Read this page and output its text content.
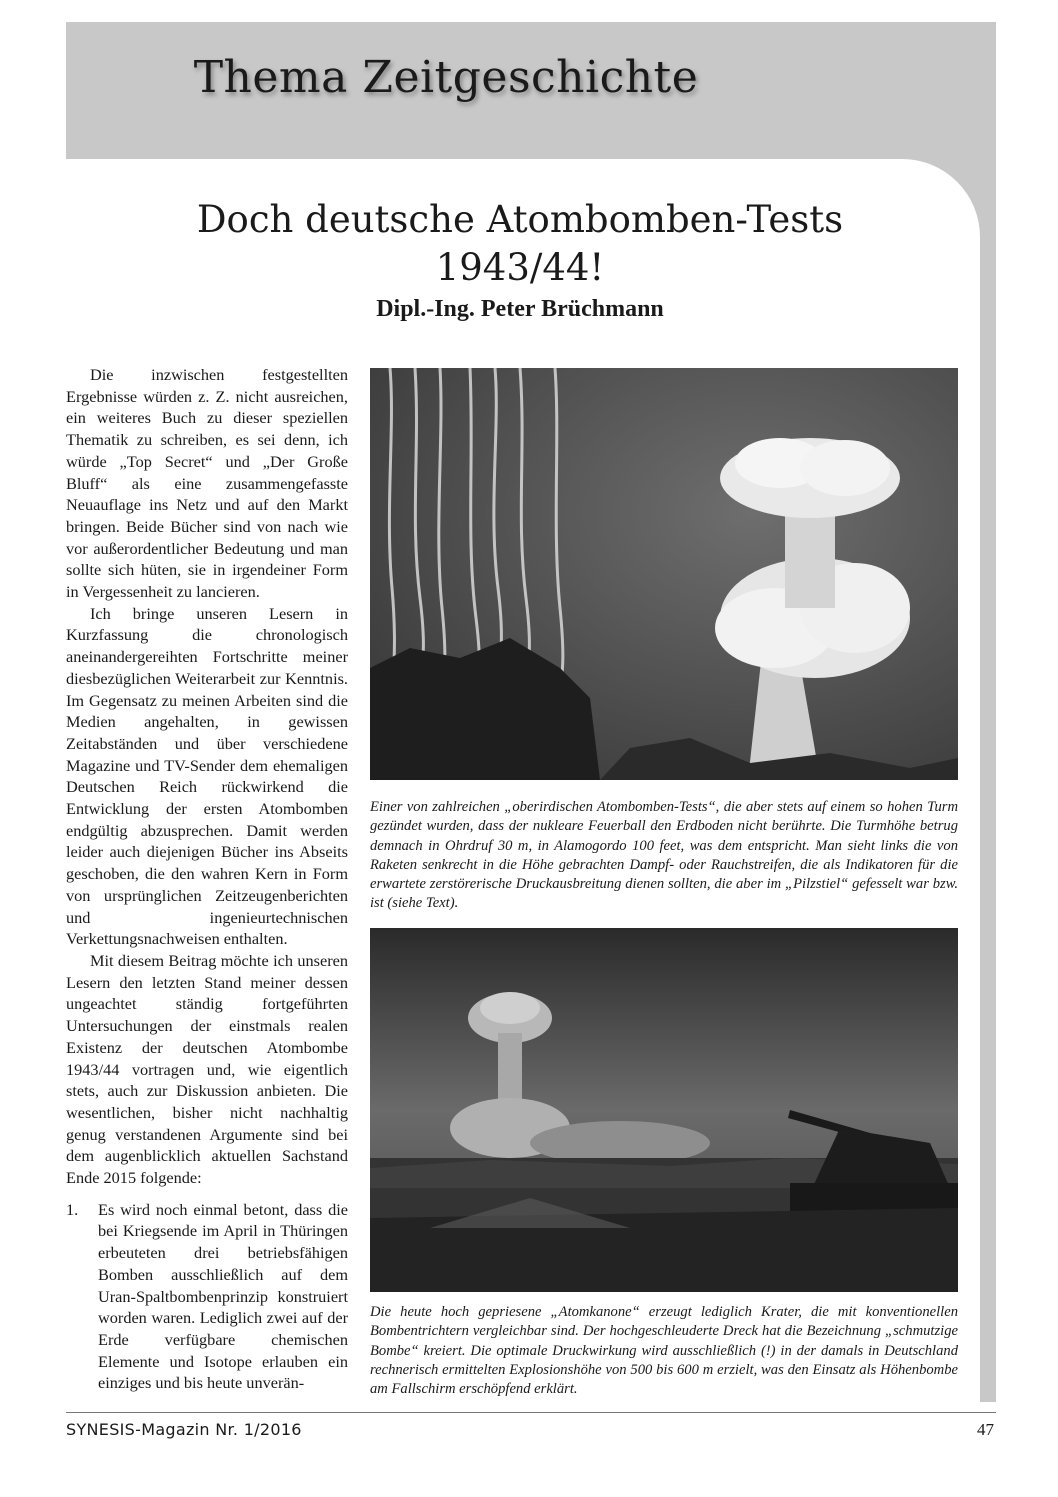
Thema Zeitgeschichte
Doch deutsche Atombomben-Tests
1943/44!
Dipl.-Ing. Peter Brüchmann

Die inzwischen festgestellten Ergebnisse würden z. Z. nicht ausreichen, ein weiteres Buch zu dieser speziellen Thematik zu schreiben, es sei denn, ich würde „Top Secret“ und „Der Große Bluff“ als eine zusammengefasste Neuauflage ins Netz und auf den Markt bringen. Beide Bücher sind von nach wie vor außerordentlicher Bedeutung und man sollte sich hüten, sie in irgendeiner Form in Vergessenheit zu lancieren.

Ich bringe unseren Lesern in Kurzfassung die chronologisch aneinandergereihten Fortschritte meiner diesbezüglichen Weiterarbeit zur Kenntnis. Im Gegensatz zu meinen Arbeiten sind die Medien angehalten, in gewissen Zeitabständen und über verschiedene Magazine und TV-Sender dem ehemaligen Deutschen Reich rückwirkend die Entwicklung der ersten Atombomben endgültig abzusprechen. Damit werden leider auch diejenigen Bücher ins Abseits geschoben, die den wahren Kern in Form von ursprünglichen Zeitzeugenberichten und ingenieurtechnischen Verkettungsnachweisen enthalten.

Mit diesem Beitrag möchte ich unseren Lesern den letzten Stand meiner dessen ungeachtet ständig fortgeführten Untersuchungen der einstmals realen Existenz der deutschen Atombombe 1943/44 vortragen und, wie eigentlich stets, auch zur Diskussion anbieten. Die wesentlichen, bisher nicht nachhaltig genug verstandenen Argumente sind bei dem augenblicklich aktuellen Sachstand Ende 2015 folgende:

1.	Es wird noch einmal betont, dass die bei Kriegsende im April in Thüringen erbeuteten drei betriebsfähigen Bomben ausschließlich auf dem Uran-Spaltbombenprinzip konstruiert worden waren. Lediglich zwei auf der Erde verfügbare chemischen Elemente und Isotope erlauben ein einziges und bis heute unverän-
Einer von zahlreichen „oberirdischen Atombomben-Tests“, die aber stets auf einem so hohen Turm gezündet wurden, dass der nukleare Feuerball den Erdboden nicht berührte. Die Turmhöhe betrug demnach in Ohrdruf 30 m, in Alamogordo 100 feet, was dem entspricht. Man sieht links die von Raketen senkrecht in die Höhe gebrachten Dampf- oder Rauchstreifen, die als Indikatoren für die erwartete zerstörerische Druckausbreitung dienen sollten, die aber im „Pilzstiel“ gefesselt war bzw. ist (siehe Text).
Die heute hoch gepriesene „Atomkanone“ erzeugt lediglich Krater, die mit konventionellen Bombentrichtern vergleichbar sind. Der hochgeschleuderte Dreck hat die Bezeichnung „schmutzige Bombe“ kreiert. Die optimale Druckwirkung wird ausschließlich (!) in der damals in Deutschland rechnerisch ermittelten Explosionshöhe von 500 bis 600 m erzielt, was den Einsatz als Höhenbombe am Fallschirm erschöpfend erklärt.
SYNESIS-Magazin Nr. 1/2016	47
